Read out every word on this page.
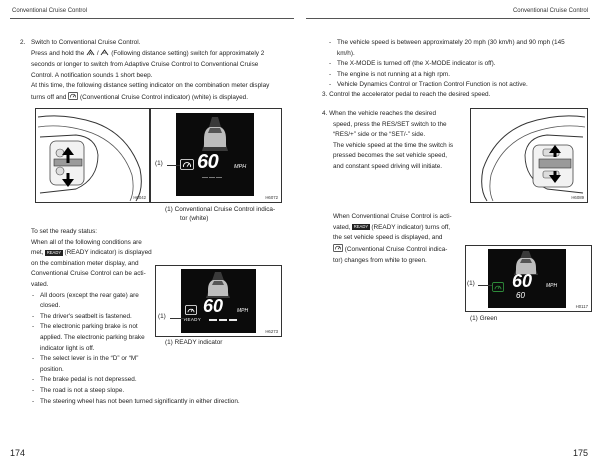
Conventional Cruise Control	Conventional Cruise Control
2. Switch to Conventional Cruise Control.

Press and hold the / (Following distance setting) switch for approximately 2

seconds or longer to switch from Adaptive Cruise Control to Conventional Cruise

Control. A notification sounds 1 short beep.

At this time, the following distance setting indicator on the combination meter display

turns off and (Conventional Cruise Control indicator) (white) is displayed.

H6042
60	MPH
———
(1)
H6072
(1) Conventional Cruise Control indica-
tor (white)

To set the ready status:

When all of the following conditions are

met, READY (READY indicator) is displayed

on the combination meter display, and

Conventional Cruise Control can be acti-

vated.

- All doors (except the rear gate) are
closed.
- The driver's seatbelt is fastened.
- The electronic parking brake is not
applied. The electronic parking brake
indicator light is off.
- The select lever is in the “D” or “M”
position.
- The brake pedal is not depressed.
- The road is not a steep slope.
- The steering wheel has not been turned significantly in either direction.
READY
60	MPH
(1)
H6273
(1) READY indicator
174
- The vehicle speed is between approximately 20 mph (30 km/h) and 90 mph (145
km/h).
- The X-MODE is turned off (the X-MODE indicator is off).
- The engine is not running at a high rpm.
- Vehicle Dynamics Control or Traction Control Function is not active.
3. Control the accelerator pedal to reach the desired speed.

4. When the vehicle reaches the desired

speed, press the RES/SET switch to the

“RES/+” side or the “SET/-” side.

The vehicle speed at the time the switch is

pressed becomes the set vehicle speed,

and constant speed driving will initiate.

H6089

When Conventional Cruise Control is acti-

vated, READY (READY indicator) turns off,

the set vehicle speed is displayed, and

(Conventional Cruise Control indica-

tor) changes from white to green.

60	MPH
60
(1)
H0117
(1) Green
175
